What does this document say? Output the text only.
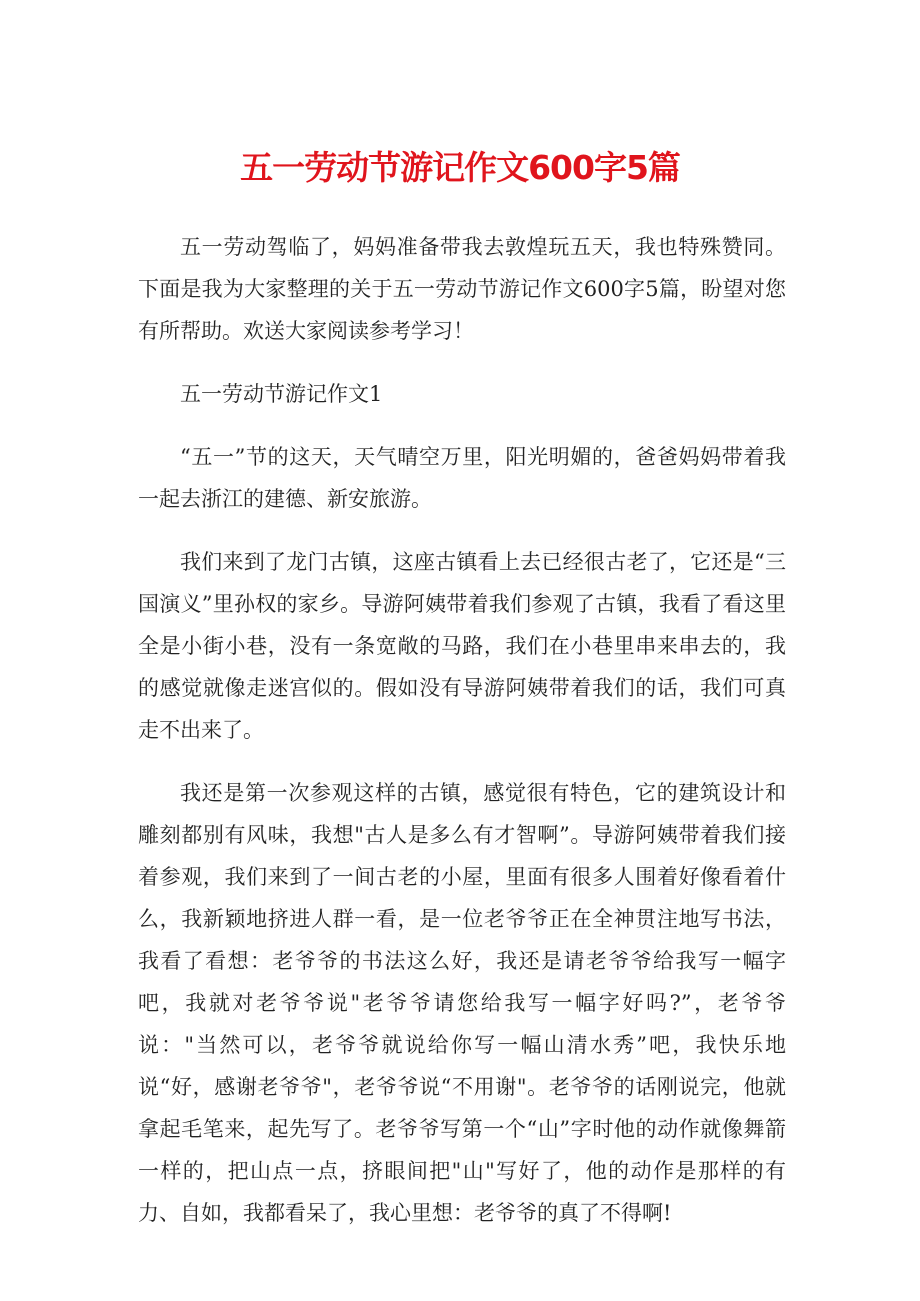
五一劳动节游记作文600字5篇

五一劳动驾临了，妈妈准备带我去敦煌玩五天，我也特殊赞同。下面是我为大家整理的关于五一劳动节游记作文600字5篇，盼望对您有所帮助。欢送大家阅读参考学习！

五一劳动节游记作文1

“五一”节的这天，天气晴空万里，阳光明媚的，爸爸妈妈带着我一起去浙江的建德、新安旅游。

我们来到了龙门古镇，这座古镇看上去已经很古老了，它还是“三国演义”里孙权的家乡。导游阿姨带着我们参观了古镇，我看了看这里全是小街小巷，没有一条宽敞的马路，我们在小巷里串来串去的，我的感觉就像走迷宫似的。假如没有导游阿姨带着我们的话，我们可真走不出来了。

我还是第一次参观这样的古镇，感觉很有特色，它的建筑设计和雕刻都别有风味，我想"古人是多么有才智啊”。导游阿姨带着我们接着参观，我们来到了一间古老的小屋，里面有很多人围着好像看着什么，我新颖地挤进人群一看，是一位老爷爷正在全神贯注地写书法，我看了看想：老爷爷的书法这么好，我还是请老爷爷给我写一幅字吧，我就对老爷爷说"老爷爷请您给我写一幅字好吗?”，老爷爷说："当然可以，老爷爷就说给你写一幅山清水秀”吧，我快乐地说“好，感谢老爷爷"，老爷爷说“不用谢"。老爷爷的话刚说完，他就拿起毛笔来，起先写了。老爷爷写第一个“山”字时他的动作就像舞箭一样的，把山点一点，挤眼间把"山"写好了，他的动作是那样的有力、自如，我都看呆了，我心里想：老爷爷的真了不得啊!
